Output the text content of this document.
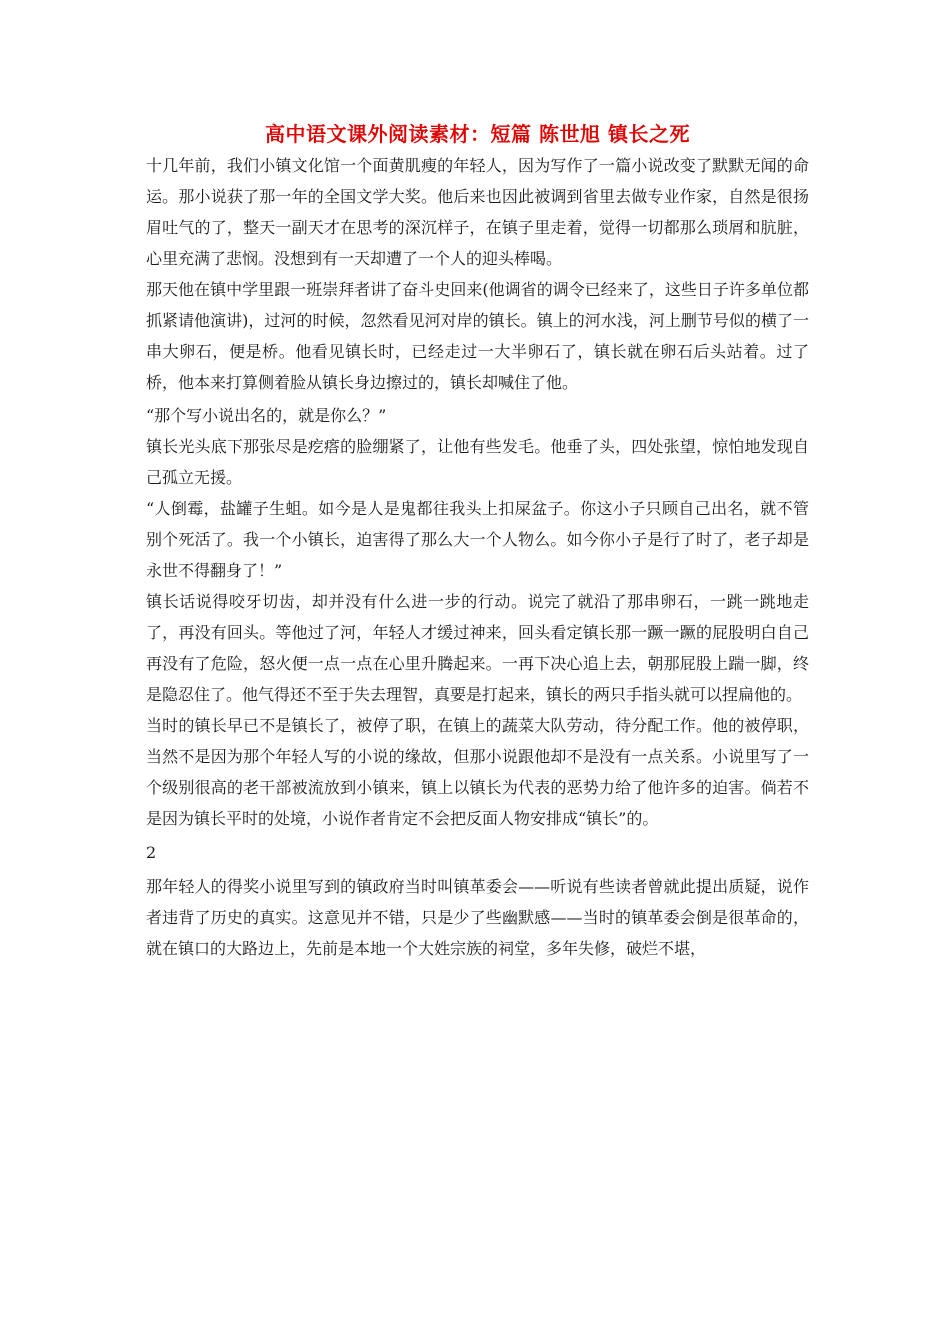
高中语文课外阅读素材：短篇 陈世旭 镇长之死

十几年前，我们小镇文化馆一个面黄肌瘦的年轻人，因为写作了一篇小说改变了默默无闻的命运。那小说获了那一年的全国文学大奖。他后来也因此被调到省里去做专业作家，自然是很扬眉吐气的了，整天一副天才在思考的深沉样子，在镇子里走着，觉得一切都那么琐屑和肮脏，心里充满了悲悯。没想到有一天却遭了一个人的迎头棒喝。

那天他在镇中学里跟一班崇拜者讲了奋斗史回来(他调省的调令已经来了，这些日子许多单位都抓紧请他演讲)，过河的时候，忽然看见河对岸的镇长。镇上的河水浅，河上删节号似的横了一串大卵石，便是桥。他看见镇长时，已经走过一大半卵石了，镇长就在卵石后头站着。过了桥，他本来打算侧着脸从镇长身边擦过的，镇长却喊住了他。

“那个写小说出名的，就是你么？”

镇长光头底下那张尽是疙瘩的脸绷紧了，让他有些发毛。他垂了头，四处张望，惊怕地发现自己孤立无援。

“人倒霉，盐罐子生蛆。如今是人是鬼都往我头上扣屎盆子。你这小子只顾自己出名，就不管别个死活了。我一个小镇长，迫害得了那么大一个人物么。如今你小子是行了时了，老子却是永世不得翻身了！”

镇长话说得咬牙切齿，却并没有什么进一步的行动。说完了就沿了那串卵石，一跳一跳地走了，再没有回头。等他过了河，年轻人才缓过神来，回头看定镇长那一蹶一蹶的屁股明白自己再没有了危险，怒火便一点一点在心里升腾起来。一再下决心追上去，朝那屁股上踹一脚，终是隐忍住了。他气得还不至于失去理智，真要是打起来，镇长的两只手指头就可以捏扁他的。

当时的镇长早已不是镇长了，被停了职，在镇上的蔬菜大队劳动，待分配工作。他的被停职，当然不是因为那个年轻人写的小说的缘故，但那小说跟他却不是没有一点关系。小说里写了一个级别很高的老干部被流放到小镇来，镇上以镇长为代表的恶势力给了他许多的迫害。倘若不是因为镇长平时的处境，小说作者肯定不会把反面人物安排成“镇长”的。

2

那年轻人的得奖小说里写到的镇政府当时叫镇革委会——听说有些读者曾就此提出质疑，说作者违背了历史的真实。这意见并不错，只是少了些幽默感——当时的镇革委会倒是很革命的，就在镇口的大路边上，先前是本地一个大姓宗族的祠堂，多年失修，破烂不堪，
